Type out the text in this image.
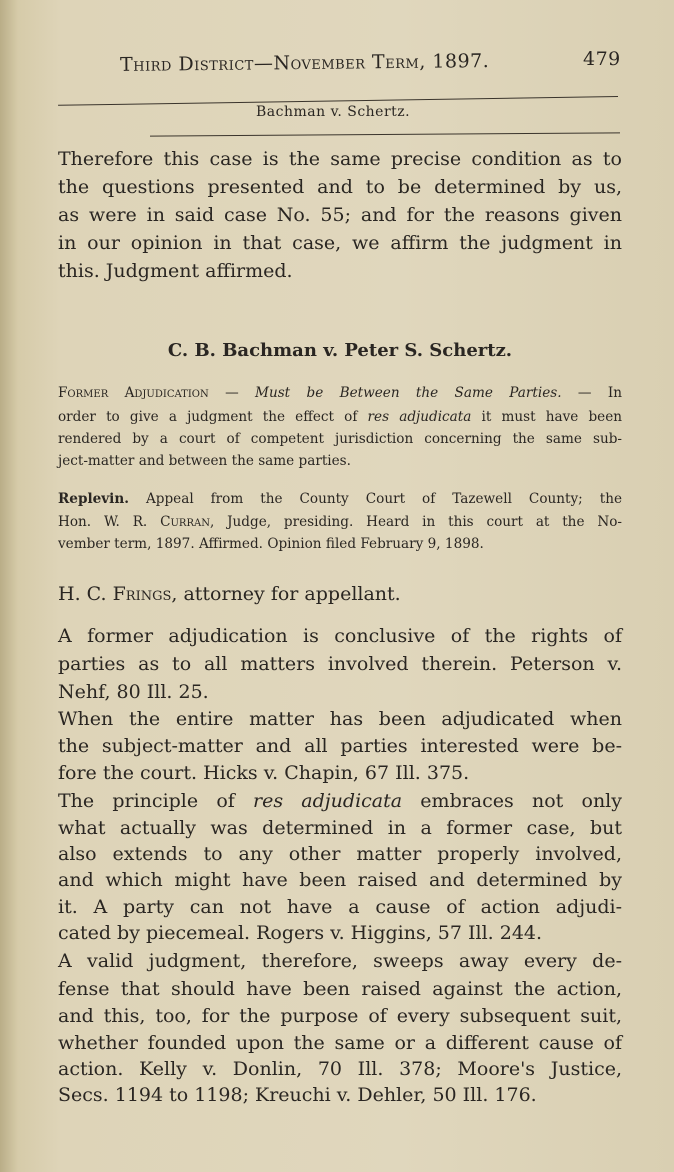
Third District—November Term, 1897.	479
Bachman v. Schertz.
Therefore this case is the same precise condition as to
the questions presented and to be determined by us,
as were in said case No. 55; and for the reasons given
in our opinion in that case, we affirm the judgment in
this. Judgment affirmed.
C. B. Bachman v. Peter S. Schertz.
Former Adjudication — Must be Between the Same Parties. — In
order to give a judgment the effect of res adjudicata it must have been
rendered by a court of competent jurisdiction concerning the same sub-
ject-matter and between the same parties.
Replevin. Appeal from the County Court of Tazewell County; the
Hon. W. R. Curran, Judge, presiding. Heard in this court at the No-
vember term, 1897. Affirmed. Opinion filed February 9, 1898.
H. C. Frings, attorney for appellant.
A former adjudication is conclusive of the rights of
parties as to all matters involved therein. Peterson v.
Nehf, 80 Ill. 25.
When the entire matter has been adjudicated when
the subject-matter and all parties interested were be-
fore the court. Hicks v. Chapin, 67 Ill. 375.
The principle of res adjudicata embraces not only
what actually was determined in a former case, but
also extends to any other matter properly involved,
and which might have been raised and determined by
it. A party can not have a cause of action adjudi-
cated by piecemeal. Rogers v. Higgins, 57 Ill. 244.
A valid judgment, therefore, sweeps away every de-
fense that should have been raised against the action,
and this, too, for the purpose of every subsequent suit,
whether founded upon the same or a different cause of
action. Kelly v. Donlin, 70 Ill. 378; Moore's Justice,
Secs. 1194 to 1198; Kreuchi v. Dehler, 50 Ill. 176.
